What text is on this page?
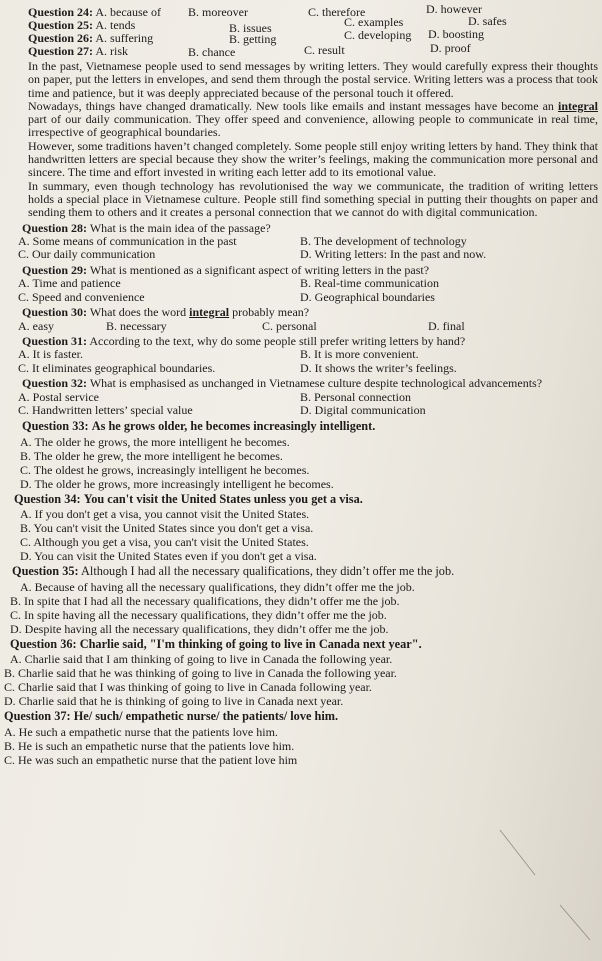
Question 24: A. because of B. moreover	C. therefore	D. however
Question 25: A. tends	B. issues	C. examples	D. safes
Question 26: A. suffering	B. getting	C. developing D. boosting
Question 27: A. risk	B. chance	C. result	D. proof

In the past, Vietnamese people used to send messages by writing letters. They would carefully express their thoughts on paper, put the letters in envelopes, and send them through the postal service. Writing letters was a process that took time and patience, but it was deeply appreciated because of the personal touch it offered.

Nowadays, things have changed dramatically. New tools like emails and instant messages have become an integral part of our daily communication. They offer speed and convenience, allowing people to communicate in real time, irrespective of geographical boundaries.

However, some traditions haven’t changed completely. Some people still enjoy writing letters by hand. They think that handwritten letters are special because they show the writer’s feelings, making the communication more personal and sincere. The time and effort invested in writing each letter add to its emotional value.

In summary, even though technology has revolutionised the way we communicate, the tradition of writing letters holds a special place in Vietnamese culture. People still find something special in putting their thoughts on paper and sending them to others and it creates a personal connection that we cannot do with digital communication.

Question 28: What is the main idea of the passage?
A. Some means of communication in the past	B. The development of technology
C. Our daily communication	D. Writing letters: In the past and now.
Question 29: What is mentioned as a significant aspect of writing letters in the past?
A. Time and patience	B. Real-time communication
C. Speed and convenience	D. Geographical boundaries
Question 30: What does the word integral probably mean?
A. easy	B. necessary	C. personal	D. final
Question 31: According to the text, why do some people still prefer writing letters by hand?
A. It is faster.	B. It is more convenient.
C. It eliminates geographical boundaries.	D. It shows the writer’s feelings.
Question 32: What is emphasised as unchanged in Vietnamese culture despite technological advancements?
A. Postal service	B. Personal connection
C. Handwritten letters’ special value	D. Digital communication
Question 33: As he grows older, he becomes increasingly intelligent.
A. The older he grows, the more intelligent he becomes.
B. The older he grew, the more intelligent he becomes.
C. The oldest he grows, increasingly intelligent he becomes.
D. The older he grows, more increasingly intelligent he becomes.
Question 34: You can't visit the United States unless you get a visa.
A. If you don't get a visa, you cannot visit the United States.
B. You can't visit the United States since you don't get a visa.
C. Although you get a visa, you can't visit the United States.
D. You can visit the United States even if you don't get a visa.
Question 35: Although I had all the necessary qualifications, they didn’t offer me the job.
A. Because of having all the necessary qualifications, they didn’t offer me the job.
B. In spite that I had all the necessary qualifications, they didn’t offer me the job.
C. In spite having all the necessary qualifications, they didn’t offer me the job.
D. Despite having all the necessary qualifications, they didn’t offer me the job.
Question 36: Charlie said, "I'm thinking of going to live in Canada next year".
A. Charlie said that I am thinking of going to live in Canada the following year.
B. Charlie said that he was thinking of going to live in Canada the following year.
C. Charlie said that I was thinking of going to live in Canada following year.
D. Charlie said that he is thinking of going to live in Canada next year.
Question 37: He/ such/ empathetic nurse/ the patients/ love him.
A. He such a empathetic nurse that the patients love him.
B. He is such an empathetic nurse that the patients love him.
C. He was such an empathetic nurse that the patient love him
